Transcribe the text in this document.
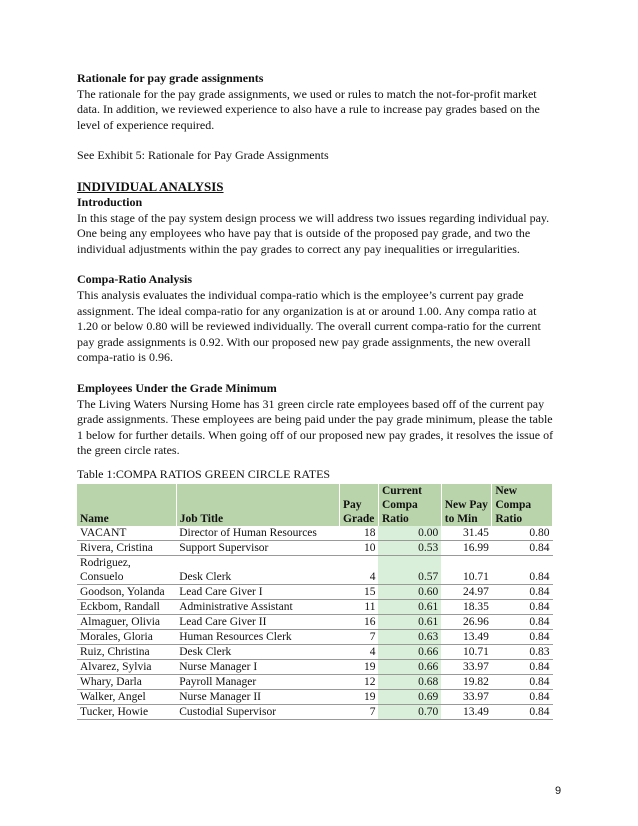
Rationale for pay grade assignments

The rationale for the pay grade assignments, we used or rules to match the not-for-profit market data. In addition, we reviewed experience to also have a rule to increase pay grades based on the level of experience required.

See Exhibit 5: Rationale for Pay Grade Assignments

INDIVIDUAL ANALYSIS

Introduction

In this stage of the pay system design process we will address two issues regarding individual pay. One being any employees who have pay that is outside of the proposed pay grade, and two the individual adjustments within the pay grades to correct any pay inequalities or irregularities.

Compa-Ratio Analysis

This analysis evaluates the individual compa-ratio which is the employee’s current pay grade assignment. The ideal compa-ratio for any organization is at or around 1.00. Any compa ratio at 1.20 or below 0.80 will be reviewed individually. The overall current compa-ratio for the current pay grade assignments is 0.92. With our proposed new pay grade assignments, the new overall compa-ratio is 0.96.

Employees Under the Grade Minimum

The Living Waters Nursing Home has 31 green circle rate employees based off of the current pay grade assignments. These employees are being paid under the pay grade minimum, please the table 1 below for further details. When going off of our proposed new pay grades, it resolves the issue of the green circle rates.

Table 1:COMPA RATIOS GREEN CIRCLE RATES

Name	Job Title	Pay Grade	Current Compa Ratio	New Pay to Min	New Compa Ratio
VACANT	Director of Human Resources	18	0.00	31.45	0.80
Rivera, Cristina	Support Supervisor	10	0.53	16.99	0.84
Rodriguez, Consuelo	Desk Clerk	4	0.57	10.71	0.84
Goodson, Yolanda	Lead Care Giver I	15	0.60	24.97	0.84
Eckbom, Randall	Administrative Assistant	11	0.61	18.35	0.84
Almaguer, Olivia	Lead Care Giver II	16	0.61	26.96	0.84
Morales, Gloria	Human Resources Clerk	7	0.63	13.49	0.84
Ruiz, Christina	Desk Clerk	4	0.66	10.71	0.83
Alvarez, Sylvia	Nurse Manager I	19	0.66	33.97	0.84
Whary, Darla	Payroll Manager	12	0.68	19.82	0.84
Walker, Angel	Nurse Manager II	19	0.69	33.97	0.84
Tucker, Howie	Custodial Supervisor	7	0.70	13.49	0.84
9
